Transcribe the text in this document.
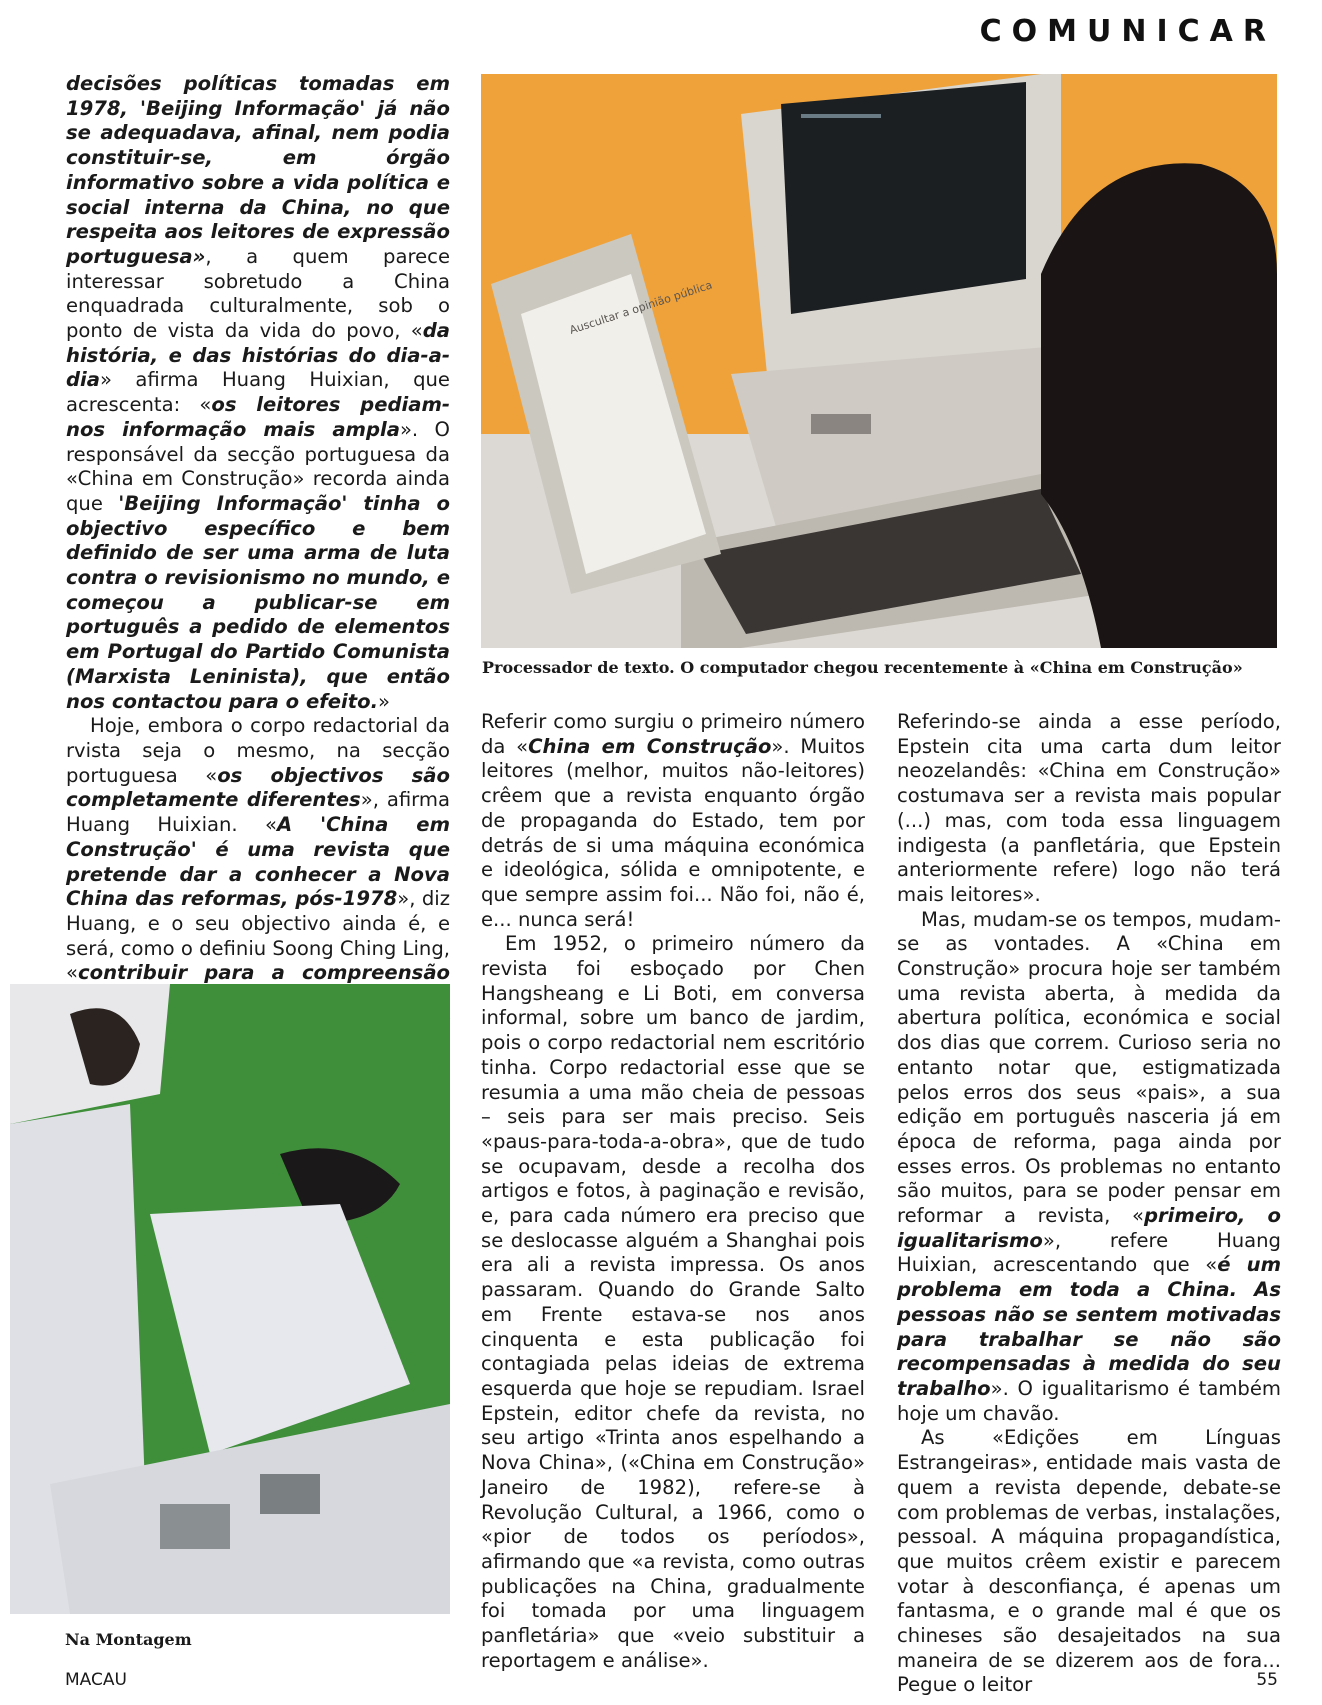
COMUNICAR

decisões políticas tomadas em 1978, 'Beijing Informação' já não se adequadava, afinal, nem podia constituir-se, em órgão informativo sobre a vida política e social interna da China, no que respeita aos leitores de expressão portuguesa», a quem parece interessar sobretudo a China enquadrada culturalmente, sob o ponto de vista da vida do povo, «da história, e das histórias do dia-a-dia» afirma Huang Huixian, que acrescenta: «os leitores pediam-nos informação mais ampla». O responsável da secção portuguesa da «China em Construção» recorda ainda que 'Beijing Informação' tinha o objectivo específico e bem definido de ser uma arma de luta contra o revisionismo no mundo, e começou a publicar-se em português a pedido de elementos em Portugal do Partido Comunista (Marxista Leninista), que então nos contactou para o efeito.»

Hoje, embora o corpo redactorial da rvista seja o mesmo, na secção portuguesa «os objectivos são completamente diferentes», afirma Huang Huixian. «A 'China em Construção' é uma revista que pretende dar a conhecer a Nova China das reformas, pós-1978», diz Huang, e o seu objectivo ainda é, e será, como o definiu Soong Ching Ling, «contribuir para a compreensão

Referir como surgiu o primeiro número da «China em Construção». Muitos leitores (melhor, muitos não-leitores) crêem que a revista enquanto órgão de propaganda do Estado, tem por detrás de si uma máquina económica e ideológica, sólida e omnipotente, e que sempre assim foi... Não foi, não é, e... nunca será!

Em 1952, o primeiro número da revista foi esboçado por Chen Hangsheang e Li Boti, em conversa informal, sobre um banco de jardim, pois o corpo redactorial nem escritório tinha. Corpo redactorial esse que se resumia a uma mão cheia de pessoas – seis para ser mais preciso. Seis «paus-para-toda-a-obra», que de tudo se ocupavam, desde a recolha dos artigos e fotos, à paginação e revisão, e, para cada número era preciso que se deslocasse alguém a Shanghai pois era ali a revista impressa. Os anos passaram. Quando do Grande Salto em Frente estava-se nos anos cinquenta e esta publicação foi contagiada pelas ideias de extrema esquerda que hoje se repudiam. Israel Epstein, editor chefe da revista, no seu artigo «Trinta anos espelhando a Nova China», («China em Construção» Janeiro de 1982), refere-se à Revolução Cultural, a 1966, como o «pior de todos os períodos», afirmando que «a revista, como outras publicações na China, gradualmente foi tomada por uma linguagem panfletária» que «veio substituir a reportagem e análise».

Referindo-se ainda a esse período, Epstein cita uma carta dum leitor neozelandês: «China em Construção» costumava ser a revista mais popular (...) mas, com toda essa linguagem indigesta (a panfletária, que Epstein anteriormente refere) logo não terá mais leitores».

Mas, mudam-se os tempos, mudam-se as vontades. A «China em Construção» procura hoje ser também uma revista aberta, à medida da abertura política, económica e social dos dias que correm. Curioso seria no entanto notar que, estigmatizada pelos erros dos seus «pais», a sua edição em português nasceria já em época de reforma, paga ainda por esses erros. Os problemas no entanto são muitos, para se poder pensar em reformar a revista, «primeiro, o igualitarismo», refere Huang Huixian, acrescentando que «é um problema em toda a China. As pessoas não se sentem motivadas para trabalhar se não são recompensadas à medida do seu trabalho». O igualitarismo é também hoje um chavão.

As «Edições em Línguas Estrangeiras», entidade mais vasta de quem a revista depende, debate-se com problemas de verbas, instalações, pessoal. A máquina propagandística, que muitos crêem existir e parecem votar à desconfiança, é apenas um fantasma, e o grande mal é que os chineses são desajeitados na sua maneira de se dizerem aos de fora... Pegue o leitor

Auscultar a opinião pública
Processador de texto. O computador chegou recentemente à «China em Construção»
Na Montagem
MACAU	55
